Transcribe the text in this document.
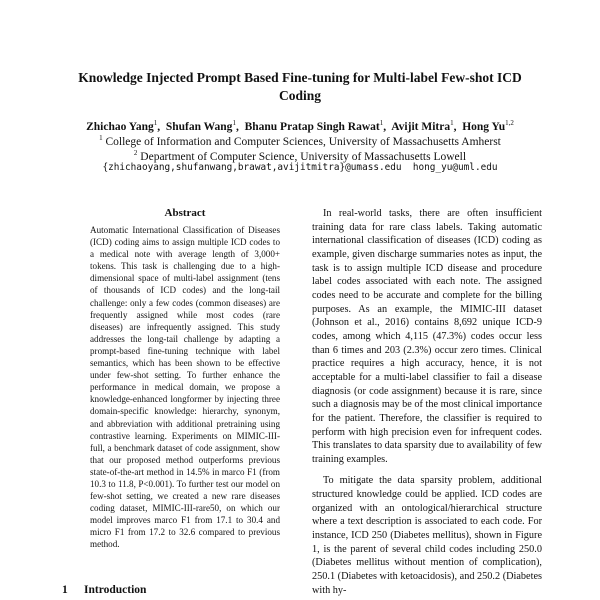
Knowledge Injected Prompt Based Fine-tuning for Multi-label Few-shot ICD Coding
Zhichao Yang$^1$,  Shufan Wang$^1$,  Bhanu Pratap Singh Rawat$^1$,  Avijit Mitra$^1$,  Hong Yu$^{1,2}$
$^1$ College of Information and Computer Sciences, University of Massachusetts Amherst
$^2$ Department of Computer Science, University of Massachusetts Lowell
{zhichaoyang,shufanwang,brawat,avijitmitra}@umass.edu  hong_yu@uml.edu
Abstract
Automatic International Classification of Diseases (ICD) coding aims to assign multiple ICD codes to a medical note with average length of 3,000+ tokens. This task is challenging due to a high-dimensional space of multi-label assignment (tens of thousands of ICD codes) and the long-tail challenge: only a few codes (common diseases) are frequently assigned while most codes (rare diseases) are infrequently assigned. This study addresses the long-tail challenge by adapting a prompt-based fine-tuning technique with label semantics, which has been shown to be effective under few-shot setting. To further enhance the performance in medical domain, we propose a knowledge-enhanced longformer by injecting three domain-specific knowledge: hierarchy, synonym, and abbreviation with additional pretraining using contrastive learning. Experiments on MIMIC-III-full, a benchmark dataset of code assignment, show that our proposed method outperforms previous state-of-the-art method in 14.5% in marco F1 (from 10.3 to 11.8, P<0.001). To further test our model on few-shot setting, we created a new rare diseases coding dataset, MIMIC-III-rare50, on which our model improves marco F1 from 17.1 to 30.4 and micro F1 from 17.2 to 32.6 compared to previous method.
1 Introduction

In real-world tasks, there are often insufficient training data for rare class labels. Taking automatic international classification of diseases (ICD) coding as example, given discharge summaries notes as input, the task is to assign multiple ICD disease and procedure label codes associated with each note. The assigned codes need to be accurate and complete for the billing purposes. As an example, the MIMIC-III dataset (Johnson et al., 2016) contains 8,692 unique ICD-9 codes, among which 4,115 (47.3%) codes occur less than 6 times and 203 (2.3%) occur zero times. Clinical practice requires a high accuracy, hence, it is not acceptable for a multi-label classifier to fail a disease diagnosis (or code assignment) because it is rare, since such a diagnosis may be of the most clinical importance for the patient. Therefore, the classifier is required to perform with high precision even for infrequent codes. This translates to data sparsity due to availability of few training examples.

To mitigate the data sparsity problem, additional structured knowledge could be applied. ICD codes are organized with an ontological/hierarchical structure where a text description is associated to each code. For instance, ICD 250 (Diabetes mellitus), shown in Figure 1, is the parent of several child codes including 250.0 (Diabetes mellitus without mention of complication), 250.1 (Diabetes with ketoacidosis), and 250.2 (Diabetes with hy-
